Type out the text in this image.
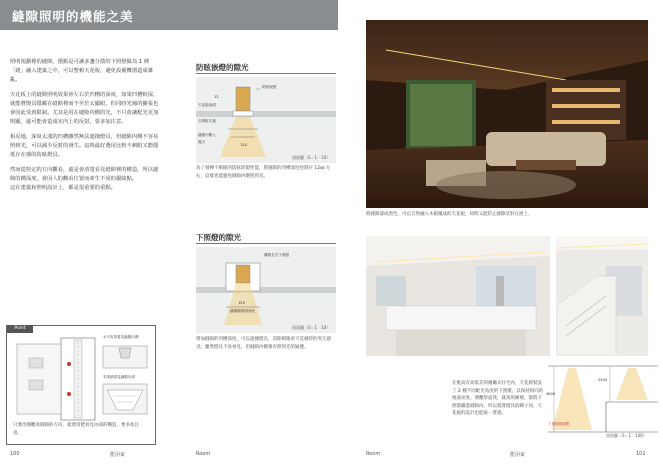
縫隙照明的機能之美

照明規劃裡的縫隙，僅點是可讓多盞分散的下照燈做為 1 條「縫」融入建築之中，可以整頓天花板，避免設備機器造成雜亂。

天花板上的縫隙照明效果會左右於凹槽的深度，如果凹槽較深，就能將燈具隱藏在縫隙裡而不至於太顯眼，但同時光線的擴張也會因此受到限制。尤其是用在縫隙內側的光，不只會讓配光更加明顯，還可能會造成室內上的反射，要多加注意。

相反地，深度太淺的凹槽雖然無法遮掩燈具，但縫隙內側不容易照到光，可以減少反射的發生。這時最好選用比較不刺眼又能隱低存在感的防眩燈具。

然而從特定的方向觀看，還是會清楚看見縫隙裡的構造，所以縫隙的構深度，會因人的觀看位置而產生不同的優缺點。

這在建築和照明設計上，都是很重要的重點。

Point
①不容易看見縫隙內側
②淺壁看見縫隙內部
只要改變觀看縫隙的方向，就會清楚看見內部的構造，要多加注意。
防眩嵌燈的隙光
防眩嵌燈
天花板表面
12
石膏板木板
縫隙內側入
露天
120
剖面圖（S＝1：10）
為了發揮不刺眼的防眩嵌燈性能，將縫隙的凹槽深度控制在 12㎜ 左右，這樣也能避免縫隙內側照到光。
下照燈的隙光
擴散光式下照燈
150
縫隙側面照到光
剖面圖（S＝1：10）
增加縫隙的凹槽深度，可以遮掩燈具，消除刺眼看天花板時的突兀感受。雖然燈具不易看見，但縫隙內側會有照到光的疑慮。
將縫隙漆成黑色，可以自然融入木板鋪成的天花板，同時又能防止縫隙反射在窗上。
在挑高有高低差的鐘廳式住宅內，天花板裝設了 2 種不同配光角度的下照燈，以保持相同的地面亮度。要觀察面我，就高的漸層，都將下照燈藏進縫隙內，所以就算燈具的瞬子同，天花板的設計也能統一質感。
4800
2400
下照燈縫隙點
剖面圖（S＝1：100）
100	能用家	Room	Room	能用家	101
